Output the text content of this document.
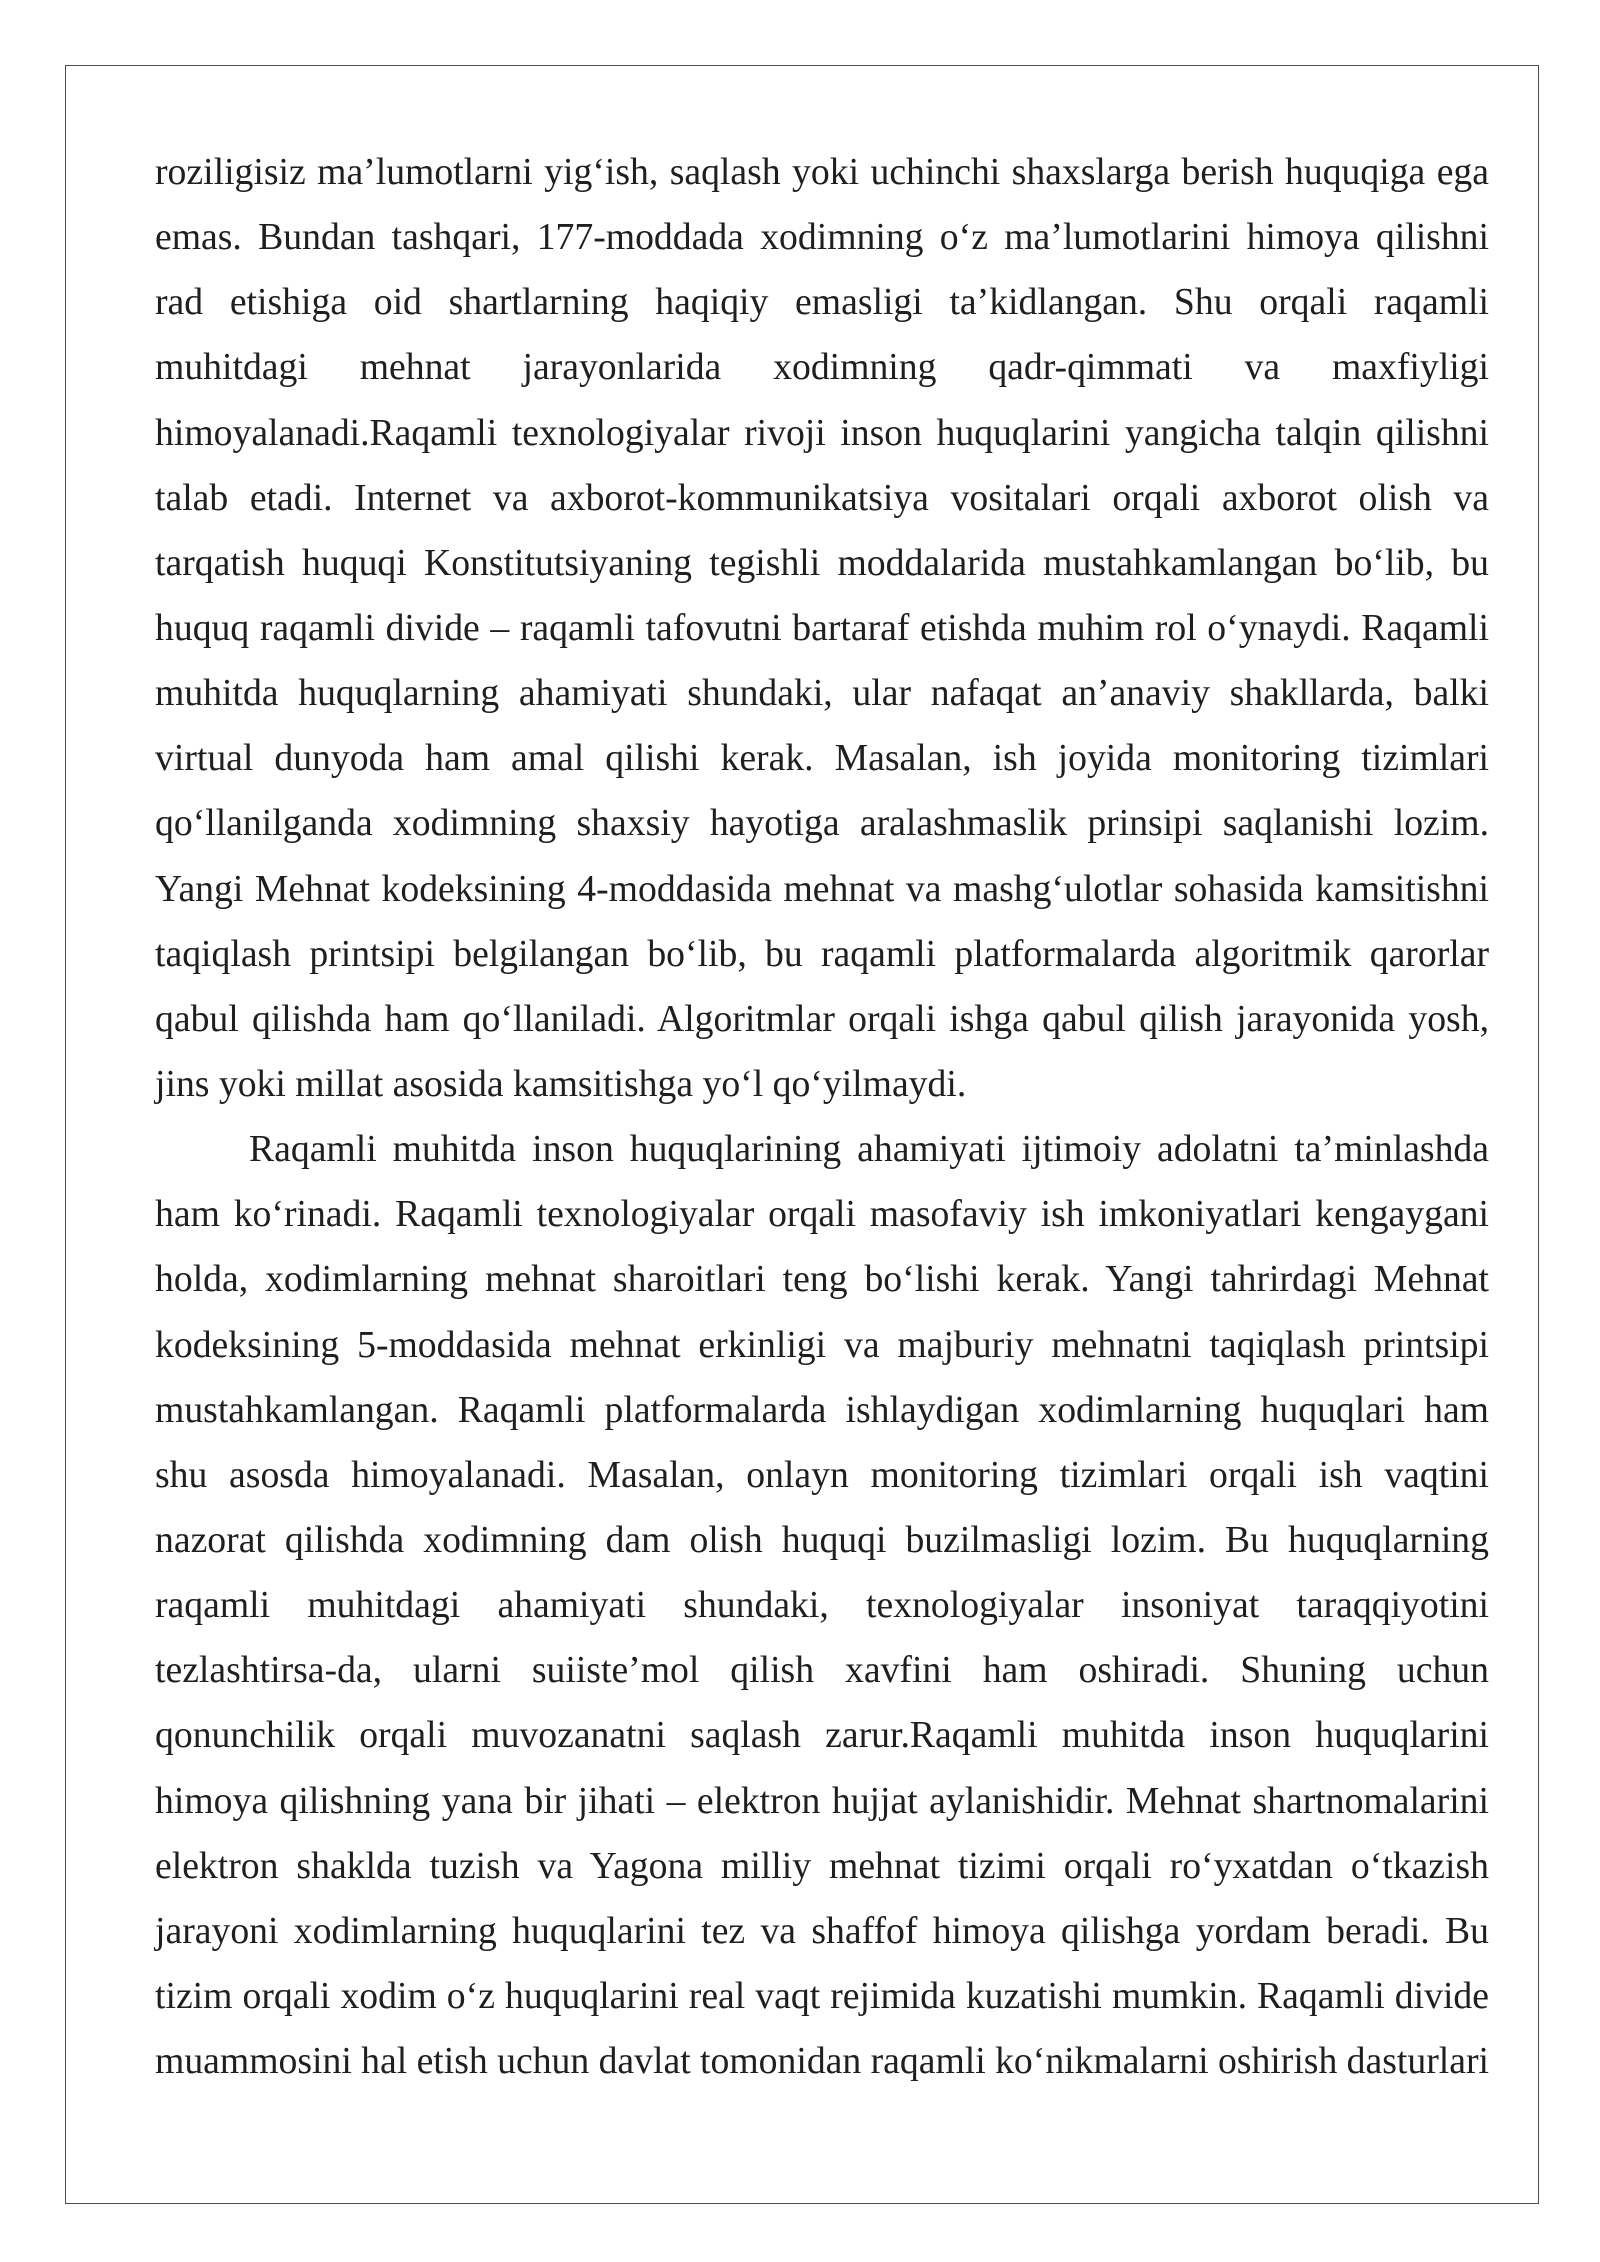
roziligisiz ma’lumotlarni yig‘ish, saqlash yoki uchinchi shaxslarga berish huquqiga ega
emas. Bundan tashqari, 177-moddada xodimning o‘z ma’lumotlarini himoya qilishni
rad etishiga oid shartlarning haqiqiy emasligi ta’kidlangan. Shu orqali raqamli
muhitdagi mehnat jarayonlarida xodimning qadr-qimmati va maxfiyligi
himoyalanadi.Raqamli texnologiyalar rivoji inson huquqlarini yangicha talqin qilishni
talab etadi. Internet va axborot-kommunikatsiya vositalari orqali axborot olish va
tarqatish huquqi Konstitutsiyaning tegishli moddalarida mustahkamlangan bo‘lib, bu
huquq raqamli divide – raqamli tafovutni bartaraf etishda muhim rol o‘ynaydi. Raqamli
muhitda huquqlarning ahamiyati shundaki, ular nafaqat an’anaviy shakllarda, balki
virtual dunyoda ham amal qilishi kerak. Masalan, ish joyida monitoring tizimlari
qo‘llanilganda xodimning shaxsiy hayotiga aralashmaslik prinsipi saqlanishi lozim.
Yangi Mehnat kodeksining 4-moddasida mehnat va mashg‘ulotlar sohasida kamsitishni
taqiqlash printsipi belgilangan bo‘lib, bu raqamli platformalarda algoritmik qarorlar
qabul qilishda ham qo‘llaniladi. Algoritmlar orqali ishga qabul qilish jarayonida yosh,
jins yoki millat asosida kamsitishga yo‘l qo‘yilmaydi.
Raqamli muhitda inson huquqlarining ahamiyati ijtimoiy adolatni ta’minlashda
ham ko‘rinadi. Raqamli texnologiyalar orqali masofaviy ish imkoniyatlari kengaygani
holda, xodimlarning mehnat sharoitlari teng bo‘lishi kerak. Yangi tahrirdagi Mehnat
kodeksining 5-moddasida mehnat erkinligi va majburiy mehnatni taqiqlash printsipi
mustahkamlangan. Raqamli platformalarda ishlaydigan xodimlarning huquqlari ham
shu asosda himoyalanadi. Masalan, onlayn monitoring tizimlari orqali ish vaqtini
nazorat qilishda xodimning dam olish huquqi buzilmasligi lozim. Bu huquqlarning
raqamli muhitdagi ahamiyati shundaki, texnologiyalar insoniyat taraqqiyotini
tezlashtirsa-da, ularni suiiste’mol qilish xavfini ham oshiradi. Shuning uchun
qonunchilik orqali muvozanatni saqlash zarur.Raqamli muhitda inson huquqlarini
himoya qilishning yana bir jihati – elektron hujjat aylanishidir. Mehnat shartnomalarini
elektron shaklda tuzish va Yagona milliy mehnat tizimi orqali ro‘yxatdan o‘tkazish
jarayoni xodimlarning huquqlarini tez va shaffof himoya qilishga yordam beradi. Bu
tizim orqali xodim o‘z huquqlarini real vaqt rejimida kuzatishi mumkin. Raqamli divide
muammosini hal etish uchun davlat tomonidan raqamli ko‘nikmalarni oshirish dasturlari
